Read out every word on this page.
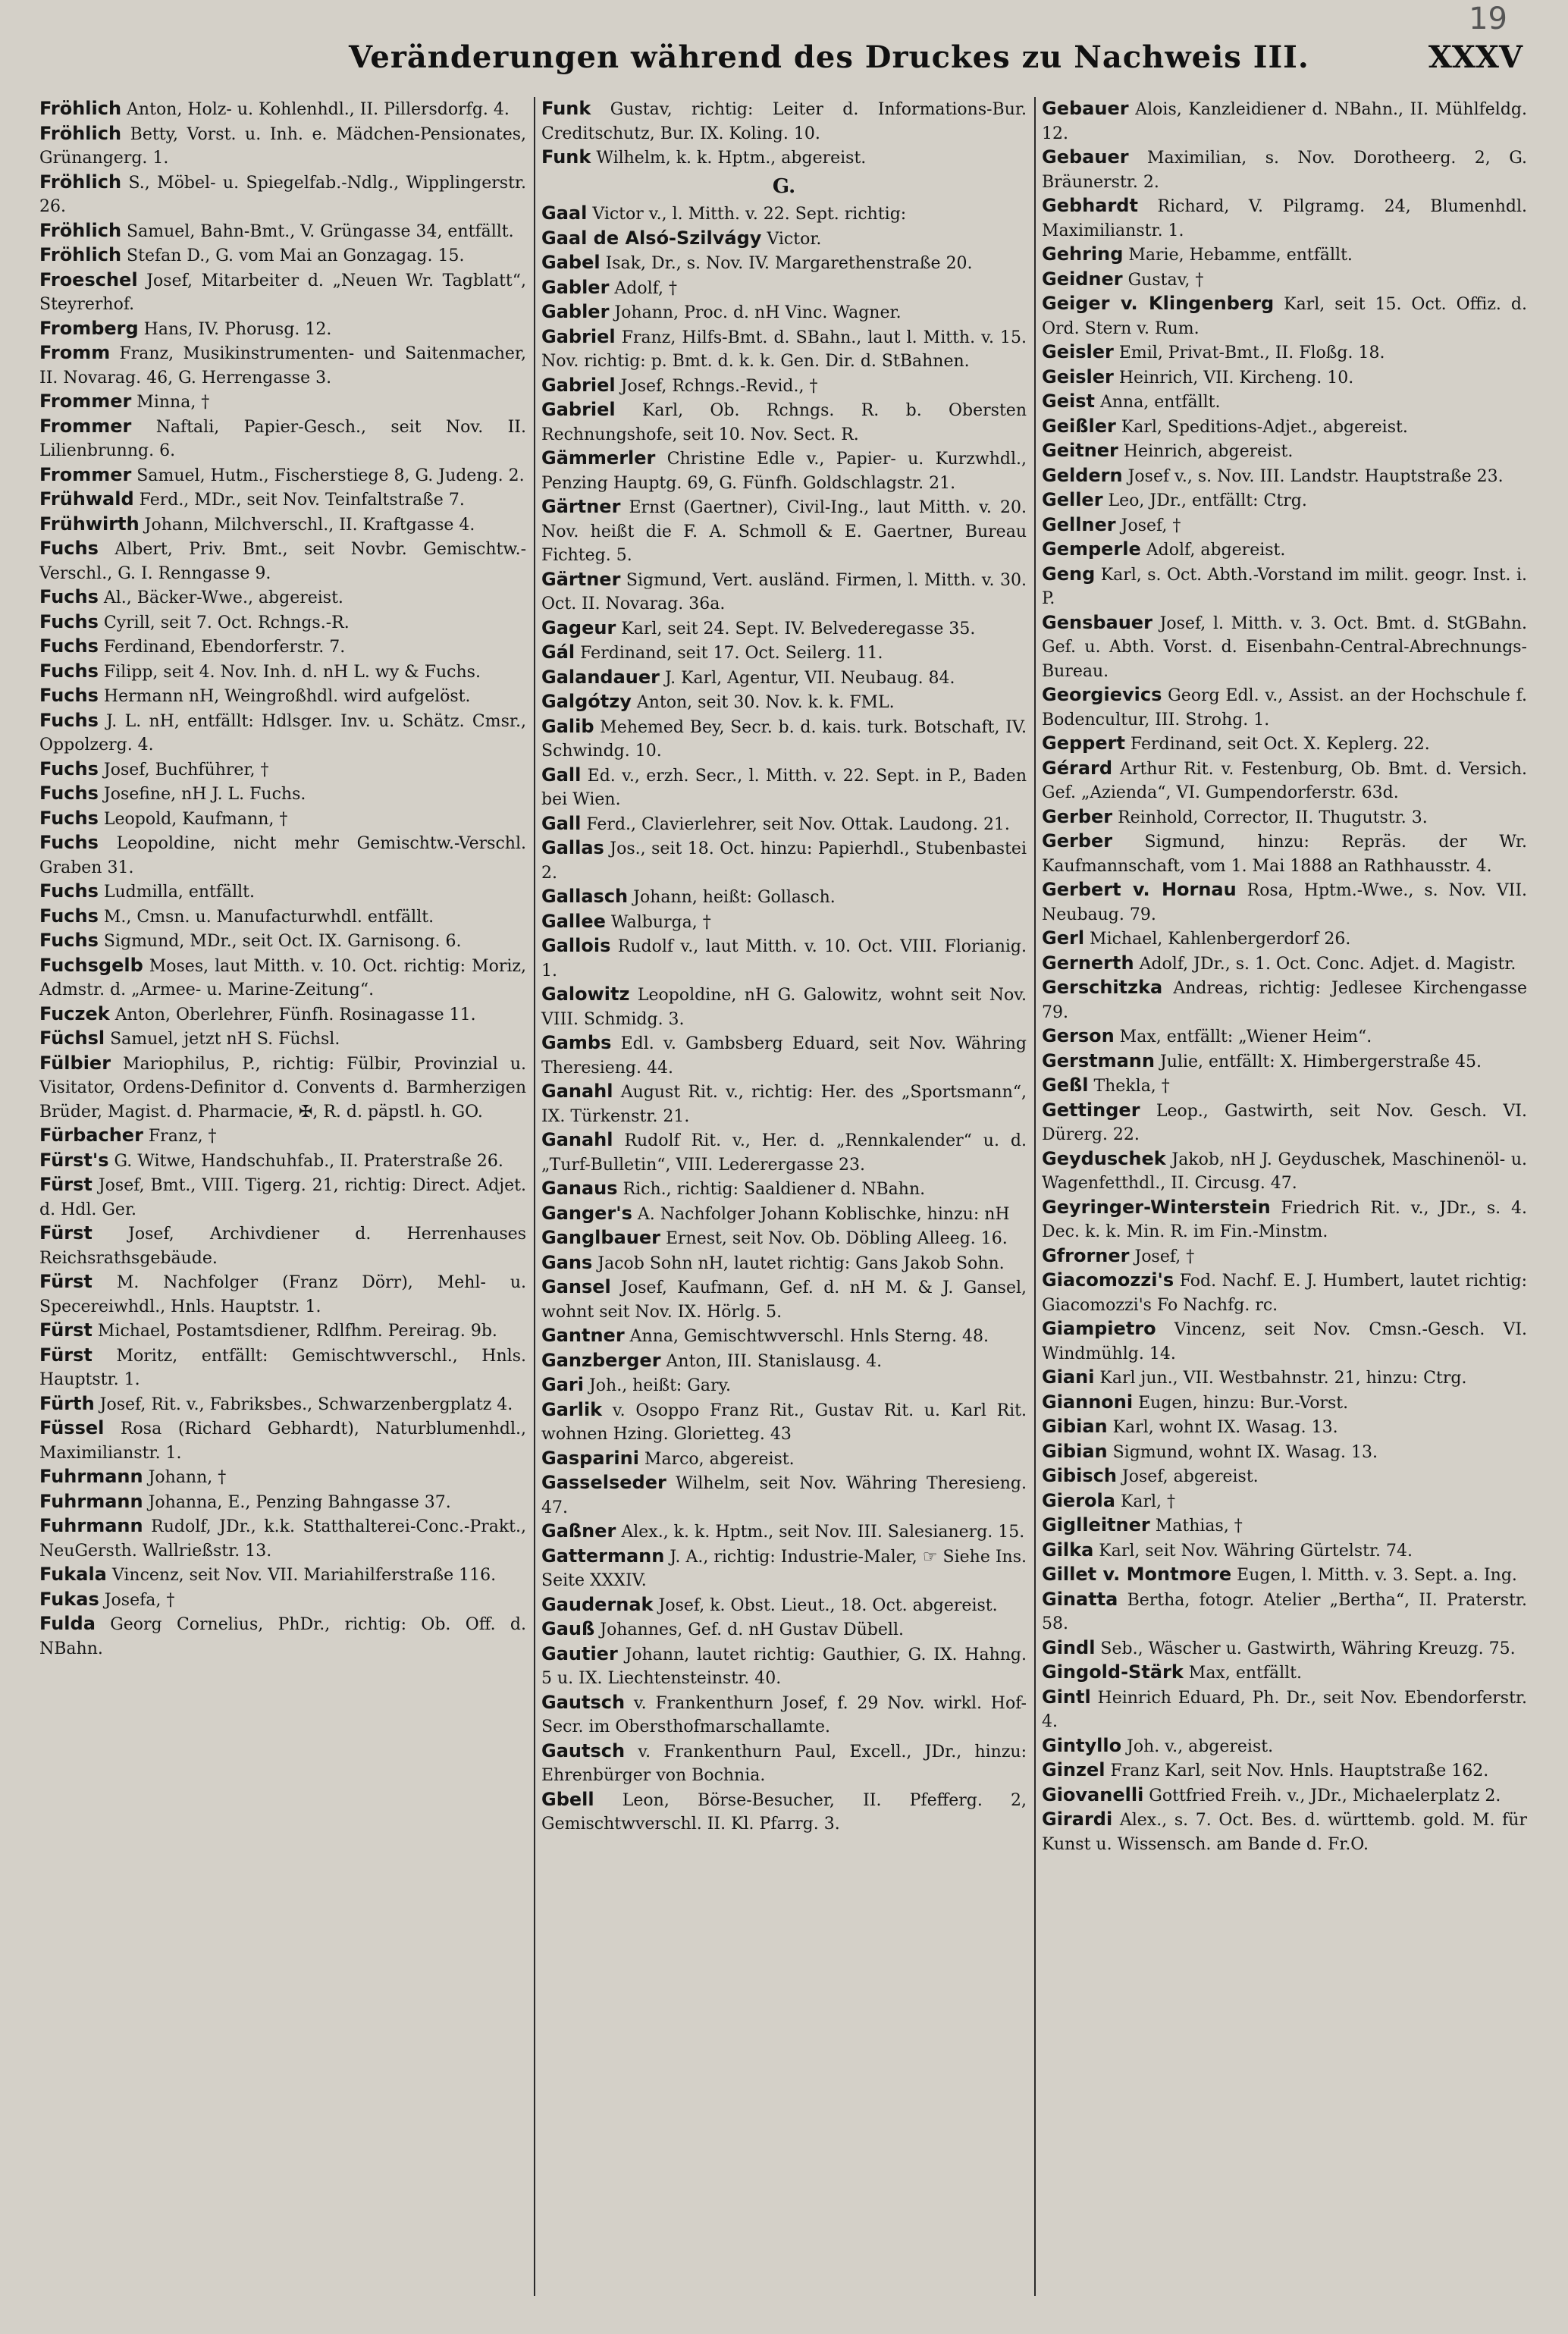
19
Veränderungen während des Druckes zu Nachweis III.	XXXV

Fröhlich Anton, Holz- u. Kohlenhdl., II. Pillersdorfg. 4.

Fröhlich Betty, Vorst. u. Inh. e. Mädchen-Pensionates, Grünangerg. 1.

Fröhlich S., Möbel- u. Spiegelfab.-Ndlg., Wipplingerstr. 26.

Fröhlich Samuel, Bahn-Bmt., V. Grüngasse 34, entfällt.

Fröhlich Stefan D., G. vom Mai an Gonzagag. 15.

Froeschel Josef, Mitarbeiter d. „Neuen Wr. Tagblatt“, Steyrerhof.

Fromberg Hans, IV. Phorusg. 12.

Fromm Franz, Musikinstrumenten- und Saitenmacher, II. Novarag. 46, G. Herrengasse 3.

Frommer Minna, †

Frommer Naftali, Papier-Gesch., seit Nov. II. Lilienbrunng. 6.

Frommer Samuel, Hutm., Fischerstiege 8, G. Judeng. 2.

Frühwald Ferd., MDr., seit Nov. Teinfaltstraße 7.

Frühwirth Johann, Milchverschl., II. Kraftgasse 4.

Fuchs Albert, Priv. Bmt., seit Novbr. Gemischtw.-Verschl., G. I. Renngasse 9.

Fuchs Al., Bäcker-Wwe., abgereist.

Fuchs Cyrill, seit 7. Oct. Rchngs.-R.

Fuchs Ferdinand, Ebendorferstr. 7.

Fuchs Filipp, seit 4. Nov. Inh. d. nH L. wy & Fuchs.

Fuchs Hermann nH, Weingroßhdl. wird aufgelöst.

Fuchs J. L. nH, entfällt: Hdlsger. Inv. u. Schätz. Cmsr., Oppolzerg. 4.

Fuchs Josef, Buchführer, †

Fuchs Josefine, nH J. L. Fuchs.

Fuchs Leopold, Kaufmann, †

Fuchs Leopoldine, nicht mehr Gemischtw.-Verschl. Graben 31.

Fuchs Ludmilla, entfällt.

Fuchs M., Cmsn. u. Manufacturwhdl. entfällt.

Fuchs Sigmund, MDr., seit Oct. IX. Garnisong. 6.

Fuchsgelb Moses, laut Mitth. v. 10. Oct. richtig: Moriz, Admstr. d. „Armee- u. Marine-Zeitung“.

Fuczek Anton, Oberlehrer, Fünfh. Rosinagasse 11.

Füchsl Samuel, jetzt nH S. Füchsl.

Fülbier Mariophilus, P., richtig: Fülbir, Provinzial u. Visitator, Ordens-Definitor d. Convents d. Barmherzigen Brüder, Magist. d. Pharmacie, ✠, R. d. päpstl. h. GO.

Fürbacher Franz, †

Fürst's G. Witwe, Handschuhfab., II. Praterstraße 26.

Fürst Josef, Bmt., VIII. Tigerg. 21, richtig: Direct. Adjet. d. Hdl. Ger.

Fürst Josef, Archivdiener d. Herrenhauses Reichsrathsgebäude.

Fürst M. Nachfolger (Franz Dörr), Mehl- u. Specereiwhdl., Hnls. Hauptstr. 1.

Fürst Michael, Postamtsdiener, Rdlfhm. Pereirag. 9b.

Fürst Moritz, entfällt: Gemischtwverschl., Hnls. Hauptstr. 1.

Fürth Josef, Rit. v., Fabriksbes., Schwarzenbergplatz 4.

Füssel Rosa (Richard Gebhardt), Naturblumenhdl., Maximilianstr. 1.

Fuhrmann Johann, †

Fuhrmann Johanna, E., Penzing Bahngasse 37.

Fuhrmann Rudolf, JDr., k.k. Statthalterei-Conc.-Prakt., NeuGersth. Wallrießstr. 13.

Fukala Vincenz, seit Nov. VII. Mariahilferstraße 116.

Fukas Josefa, †

Fulda Georg Cornelius, PhDr., richtig: Ob. Off. d. NBahn.

Funk Gustav, richtig: Leiter d. Informations-Bur. Creditschutz, Bur. IX. Koling. 10.

Funk Wilhelm, k. k. Hptm., abgereist.

G.

Gaal Victor v., l. Mitth. v. 22. Sept. richtig:

Gaal de Alsó-Szilvágy Victor.

Gabel Isak, Dr., s. Nov. IV. Margarethenstraße 20.

Gabler Adolf, †

Gabler Johann, Proc. d. nH Vinc. Wagner.

Gabriel Franz, Hilfs-Bmt. d. SBahn., laut l. Mitth. v. 15. Nov. richtig: p. Bmt. d. k. k. Gen. Dir. d. StBahnen.

Gabriel Josef, Rchngs.-Revid., †

Gabriel Karl, Ob. Rchngs. R. b. Obersten Rechnungshofe, seit 10. Nov. Sect. R.

Gämmerler Christine Edle v., Papier- u. Kurzwhdl., Penzing Hauptg. 69, G. Fünfh. Goldschlagstr. 21.

Gärtner Ernst (Gaertner), Civil-Ing., laut Mitth. v. 20. Nov. heißt die F. A. Schmoll & E. Gaertner, Bureau Fichteg. 5.

Gärtner Sigmund, Vert. ausländ. Firmen, l. Mitth. v. 30. Oct. II. Novarag. 36a.

Gageur Karl, seit 24. Sept. IV. Belvederegasse 35.

Gál Ferdinand, seit 17. Oct. Seilerg. 11.

Galandauer J. Karl, Agentur, VII. Neubaug. 84.

Galgótzy Anton, seit 30. Nov. k. k. FML.

Galib Mehemed Bey, Secr. b. d. kais. turk. Botschaft, IV. Schwindg. 10.

Gall Ed. v., erzh. Secr., l. Mitth. v. 22. Sept. in P., Baden bei Wien.

Gall Ferd., Clavierlehrer, seit Nov. Ottak. Laudong. 21.

Gallas Jos., seit 18. Oct. hinzu: Papierhdl., Stubenbastei 2.

Gallasch Johann, heißt: Gollasch.

Gallee Walburga, †

Gallois Rudolf v., laut Mitth. v. 10. Oct. VIII. Florianig. 1.

Galowitz Leopoldine, nH G. Galowitz, wohnt seit Nov. VIII. Schmidg. 3.

Gambs Edl. v. Gambsberg Eduard, seit Nov. Währing Theresieng. 44.

Ganahl August Rit. v., richtig: Her. des „Sportsmann“, IX. Türkenstr. 21.

Ganahl Rudolf Rit. v., Her. d. „Rennkalender“ u. d. „Turf-Bulletin“, VIII. Lederergasse 23.

Ganaus Rich., richtig: Saaldiener d. NBahn.

Ganger's A. Nachfolger Johann Koblischke, hinzu: nH

Ganglbauer Ernest, seit Nov. Ob. Döbling Alleeg. 16.

Gans Jacob Sohn nH, lautet richtig: Gans Jakob Sohn.

Gansel Josef, Kaufmann, Gef. d. nH M. & J. Gansel, wohnt seit Nov. IX. Hörlg. 5.

Gantner Anna, Gemischtwverschl. Hnls Sterng. 48.

Ganzberger Anton, III. Stanislausg. 4.

Gari Joh., heißt: Gary.

Garlik v. Osoppo Franz Rit., Gustav Rit. u. Karl Rit. wohnen Hzing. Glorietteg. 43

Gasparini Marco, abgereist.

Gasselseder Wilhelm, seit Nov. Währing Theresieng. 47.

Gaßner Alex., k. k. Hptm., seit Nov. III. Salesianerg. 15.

Gattermann J. A., richtig: Industrie-Maler, ☞ Siehe Ins. Seite XXXIV.

Gaudernak Josef, k. Obst. Lieut., 18. Oct. abgereist.

Gauß Johannes, Gef. d. nH Gustav Dübell.

Gautier Johann, lautet richtig: Gauthier, G. IX. Hahng. 5 u. IX. Liechtensteinstr. 40.

Gautsch v. Frankenthurn Josef, f. 29 Nov. wirkl. Hof-Secr. im Obersthofmarschallamte.

Gautsch v. Frankenthurn Paul, Excell., JDr., hinzu: Ehrenbürger von Bochnia.

Gbell Leon, Börse-Besucher, II. Pfefferg. 2, Gemischtwverschl. II. Kl. Pfarrg. 3.

Gebauer Alois, Kanzleidiener d. NBahn., II. Mühlfeldg. 12.

Gebauer Maximilian, s. Nov. Dorotheerg. 2, G. Bräunerstr. 2.

Gebhardt Richard, V. Pilgramg. 24, Blumenhdl. Maximilianstr. 1.

Gehring Marie, Hebamme, entfällt.

Geidner Gustav, †

Geiger v. Klingenberg Karl, seit 15. Oct. Offiz. d. Ord. Stern v. Rum.

Geisler Emil, Privat-Bmt., II. Floßg. 18.

Geisler Heinrich, VII. Kircheng. 10.

Geist Anna, entfällt.

Geißler Karl, Speditions-Adjet., abgereist.

Geitner Heinrich, abgereist.

Geldern Josef v., s. Nov. III. Landstr. Hauptstraße 23.

Geller Leo, JDr., entfällt: Ctrg.

Gellner Josef, †

Gemperle Adolf, abgereist.

Geng Karl, s. Oct. Abth.-Vorstand im milit. geogr. Inst. i. P.

Gensbauer Josef, l. Mitth. v. 3. Oct. Bmt. d. StGBahn. Gef. u. Abth. Vorst. d. Eisenbahn-Central-Abrechnungs-Bureau.

Georgievics Georg Edl. v., Assist. an der Hochschule f. Bodencultur, III. Strohg. 1.

Geppert Ferdinand, seit Oct. X. Keplerg. 22.

Gérard Arthur Rit. v. Festenburg, Ob. Bmt. d. Versich. Gef. „Azienda“, VI. Gumpendorferstr. 63d.

Gerber Reinhold, Corrector, II. Thugutstr. 3.

Gerber Sigmund, hinzu: Repräs. der Wr. Kaufmannschaft, vom 1. Mai 1888 an Rathhausstr. 4.

Gerbert v. Hornau Rosa, Hptm.-Wwe., s. Nov. VII. Neubaug. 79.

Gerl Michael, Kahlenbergerdorf 26.

Gernerth Adolf, JDr., s. 1. Oct. Conc. Adjet. d. Magistr.

Gerschitzka Andreas, richtig: Jedlesee Kirchengasse 79.

Gerson Max, entfällt: „Wiener Heim“.

Gerstmann Julie, entfällt: X. Himbergerstraße 45.

Geßl Thekla, †

Gettinger Leop., Gastwirth, seit Nov. Gesch. VI. Dürerg. 22.

Geyduschek Jakob, nH J. Geyduschek, Maschinenöl- u. Wagenfetthdl., II. Circusg. 47.

Geyringer-Winterstein Friedrich Rit. v., JDr., s. 4. Dec. k. k. Min. R. im Fin.-Minstm.

Gfrorner Josef, †

Giacomozzi's Fod. Nachf. E. J. Humbert, lautet richtig: Giacomozzi's Fo Nachfg. rc.

Giampietro Vincenz, seit Nov. Cmsn.-Gesch. VI. Windmühlg. 14.

Giani Karl jun., VII. Westbahnstr. 21, hinzu: Ctrg.

Giannoni Eugen, hinzu: Bur.-Vorst.

Gibian Karl, wohnt IX. Wasag. 13.

Gibian Sigmund, wohnt IX. Wasag. 13.

Gibisch Josef, abgereist.

Gierola Karl, †

Giglleitner Mathias, †

Gilka Karl, seit Nov. Währing Gürtelstr. 74.

Gillet v. Montmore Eugen, l. Mitth. v. 3. Sept. a. Ing.

Ginatta Bertha, fotogr. Atelier „Bertha“, II. Praterstr. 58.

Gindl Seb., Wäscher u. Gastwirth, Währing Kreuzg. 75.

Gingold-Stärk Max, entfällt.

Gintl Heinrich Eduard, Ph. Dr., seit Nov. Ebendorferstr. 4.

Gintyllo Joh. v., abgereist.

Ginzel Franz Karl, seit Nov. Hnls. Hauptstraße 162.

Giovanelli Gottfried Freih. v., JDr., Michaelerplatz 2.

Girardi Alex., s. 7. Oct. Bes. d. württemb. gold. M. für Kunst u. Wissensch. am Bande d. Fr.O.
